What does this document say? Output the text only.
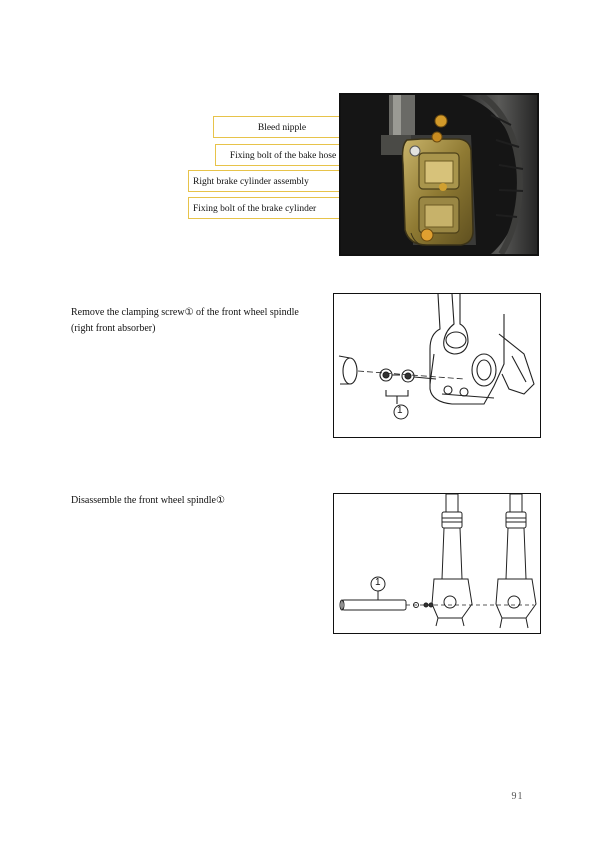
Bleed nipple
Fixing bolt of the bake hose
Right brake cylinder assembly
Fixing bolt of the brake cylinder
Remove the clamping screw① of the front wheel spindle
(right front absorber)
1
Disassemble the front wheel spindle①
1
91
